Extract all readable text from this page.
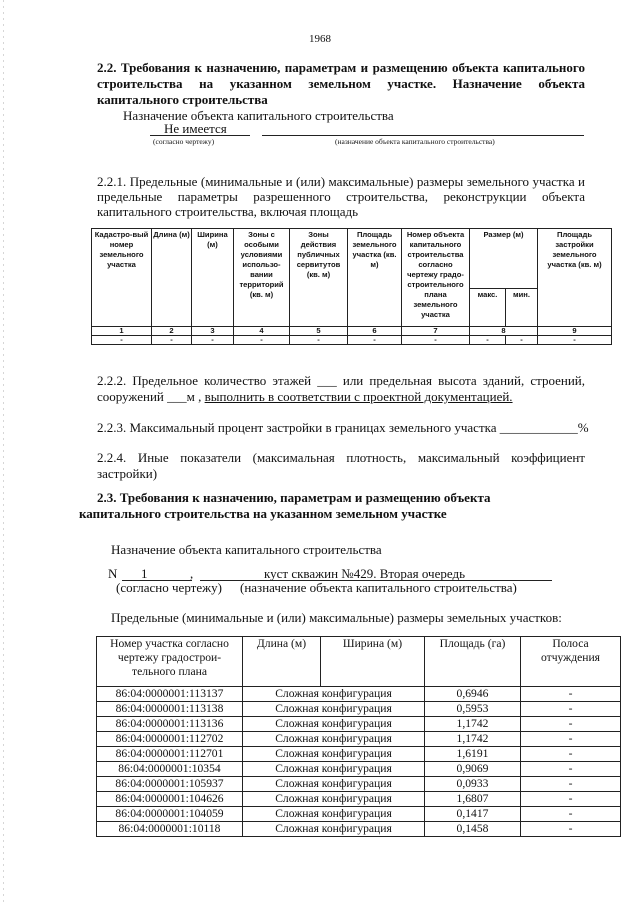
1968
2.2. Требования к назначению, параметрам и размещению объекта капитального
строительства на указанном земельном участке. Назначение объекта
капитального строительства
Назначение объекта капитального строительства
Не имеется
(согласно чертежу)	(назначение объекта капитального строительства)
2.2.1. Предельные (минимальные и (или) максимальные) размеры земельного участка и
предельные параметры разрешенного строительства, реконструкции объекта
капитального строительства, включая площадь
Кадастро-вый номер земельного участка	Длина (м)	Ширина (м)	Зоны с особыми условиями использо-вании территорий (кв. м)	Зоны действия публичных сервитутов (кв. м)	Площадь земельного участка (кв. м)	Номер объекта капитального строительства согласно чертежу градо-строительного плана земельного участка	Размер (м)		Площадь застройки земельного участка (кв. м)
							макс.	мин.	
1	2	3	4	5	6	7	8		9
-	-	-	-	-	-	-	-	-	-
2.2.2. Предельное количество этажей ___ или предельная высота зданий, строений,
сооружений ___м , выполнить в соответствии с проектной документацией.
2.2.3. Максимальный процент застройки в границах земельного участка ____________%
2.2.4. Иные показатели (максимальная плотность, максимальный коэффициент
застройки)
2.3. Требования к назначению, параметрам и размещению объекта
капитального строительства на указанном земельном участке
Назначение объекта капитального строительства
N 1	,	куст скважин №429. Вторая очередь
(согласно чертежу) (назначение объекта капитального строительства)
Предельные (минимальные и (или) максимальные) размеры земельных участков:
Номер участка согласно чертежу градострои-тельного плана	Длина (м)	Ширина (м)	Площадь (га)	Полоса отчуждения
86:04:0000001:113137	Сложная конфигурация		0,6946	-
86:04:0000001:113138	Сложная конфигурация		0,5953	-
86:04:0000001:113136	Сложная конфигурация		1,1742	-
86:04:0000001:112702	Сложная конфигурация		1,1742	-
86:04:0000001:112701	Сложная конфигурация		1,6191	-
86:04:0000001:10354	Сложная конфигурация		0,9069	-
86:04:0000001:105937	Сложная конфигурация		0,0933	-
86:04:0000001:104626	Сложная конфигурация		1,6807	-
86:04:0000001:104059	Сложная конфигурация		0,1417	-
86:04:0000001:10118	Сложная конфигурация		0,1458	-
